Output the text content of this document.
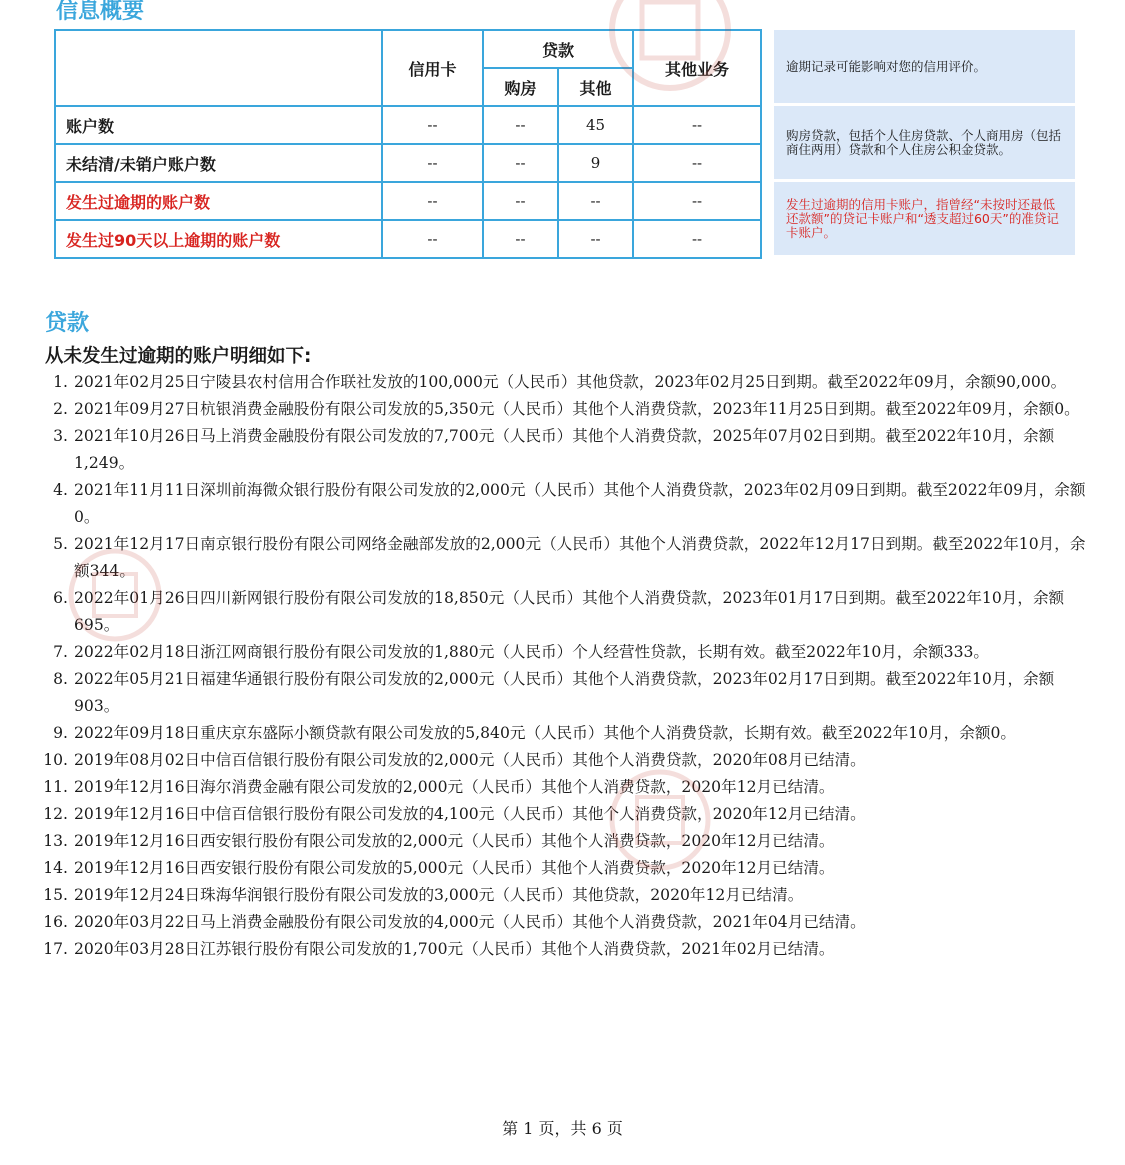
信息概要
	信用卡	贷款		其他业务
		购房	其他	
账户数	--	--	45	--
未结清/未销户账户数	--	--	9	--
发生过逾期的账户数	--	--	--	--
发生过90天以上逾期的账户数	--	--	--	--
逾期记录可能影响对您的信用评价。
购房贷款，包括个人住房贷款、个人商用房（包括商住两用）贷款和个人住房公积金贷款。
发生过逾期的信用卡账户，指曾经“未按时还最低还款额”的贷记卡账户和“透支超过60天”的准贷记卡账户。
贷款

从未发生过逾期的账户明细如下:

1. 2021年02月25日宁陵县农村信用合作联社发放的100,000元（人民币）其他贷款，2023年02月25日到期。截至2022年09月，余额90,000。
2. 2021年09月27日杭银消费金融股份有限公司发放的5,350元（人民币）其他个人消费贷款，2023年11月25日到期。截至2022年09月，余额0。
3. 2021年10月26日马上消费金融股份有限公司发放的7,700元（人民币）其他个人消费贷款，2025年07月02日到期。截至2022年10月，余额1,249。
4. 2021年11月11日深圳前海微众银行股份有限公司发放的2,000元（人民币）其他个人消费贷款，2023年02月09日到期。截至2022年09月，余额0。
5. 2021年12月17日南京银行股份有限公司网络金融部发放的2,000元（人民币）其他个人消费贷款，2022年12月17日到期。截至2022年10月，余额344。
6. 2022年01月26日四川新网银行股份有限公司发放的18,850元（人民币）其他个人消费贷款，2023年01月17日到期。截至2022年10月，余额695。
7. 2022年02月18日浙江网商银行股份有限公司发放的1,880元（人民币）个人经营性贷款，长期有效。截至2022年10月，余额333。
8. 2022年05月21日福建华通银行股份有限公司发放的2,000元（人民币）其他个人消费贷款，2023年02月17日到期。截至2022年10月，余额903。
9. 2022年09月18日重庆京东盛际小额贷款有限公司发放的5,840元（人民币）其他个人消费贷款，长期有效。截至2022年10月，余额0。
10. 2019年08月02日中信百信银行股份有限公司发放的2,000元（人民币）其他个人消费贷款，2020年08月已结清。
11. 2019年12月16日海尔消费金融有限公司发放的2,000元（人民币）其他个人消费贷款，2020年12月已结清。
12. 2019年12月16日中信百信银行股份有限公司发放的4,100元（人民币）其他个人消费贷款，2020年12月已结清。
13. 2019年12月16日西安银行股份有限公司发放的2,000元（人民币）其他个人消费贷款，2020年12月已结清。
14. 2019年12月16日西安银行股份有限公司发放的5,000元（人民币）其他个人消费贷款，2020年12月已结清。
15. 2019年12月24日珠海华润银行股份有限公司发放的3,000元（人民币）其他贷款，2020年12月已结清。
16. 2020年03月22日马上消费金融股份有限公司发放的4,000元（人民币）其他个人消费贷款，2021年04月已结清。
17. 2020年03月28日江苏银行股份有限公司发放的1,700元（人民币）其他个人消费贷款，2021年02月已结清。
第 1 页，共 6 页
